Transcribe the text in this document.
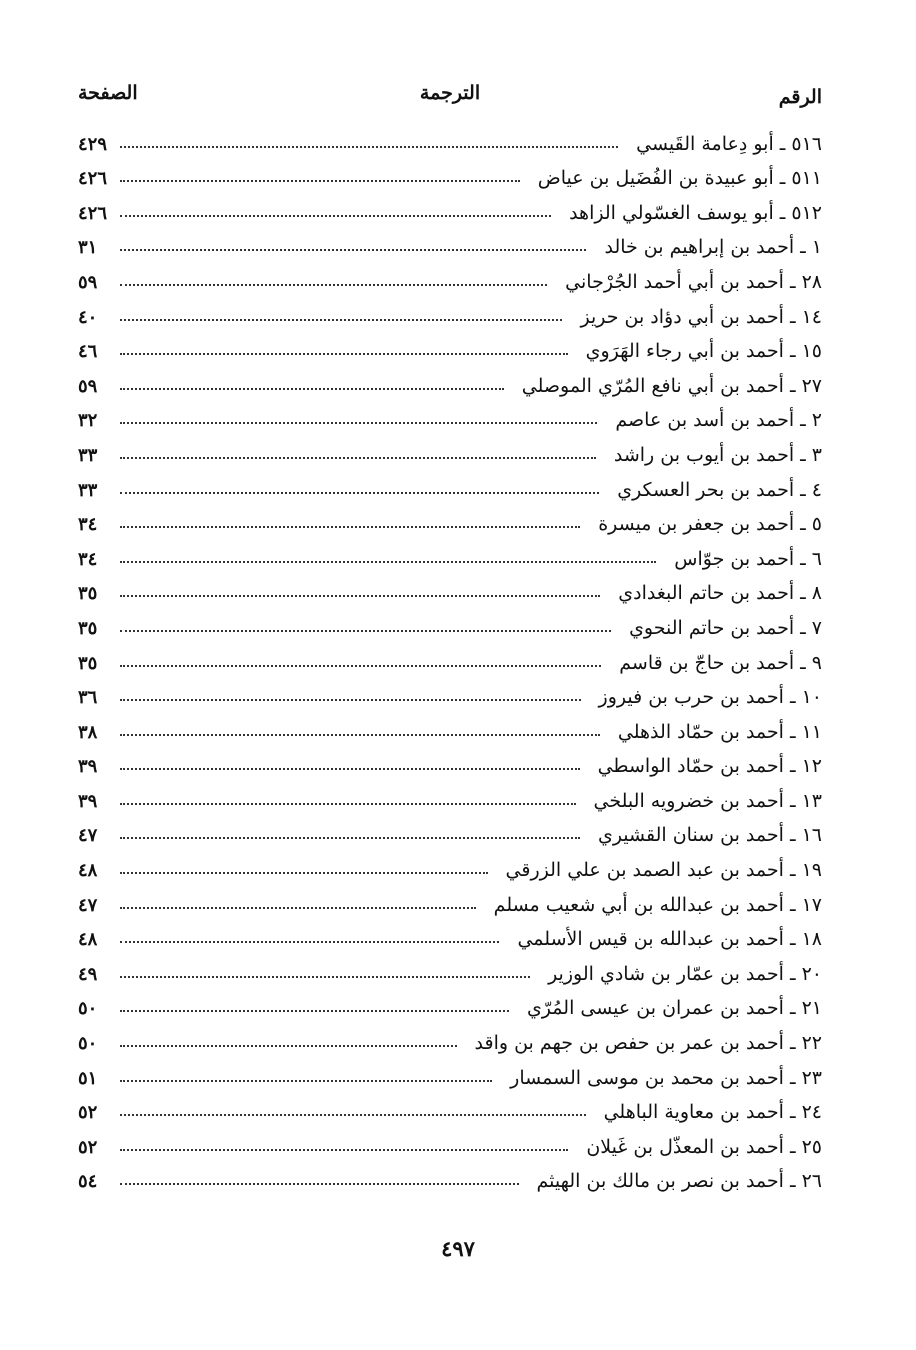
الرقم
الترجمة
الصفحة
٥١٦ ـ أبو دِعامة القَيسي
٤٢٩
٥١١ ـ أبو عبيدة بن الفُضَيل بن عياض
٤٢٦
٥١٢ ـ أبو يوسف الغسّولي الزاهد
٤٢٦
١ ـ أحمد بن إبراهيم بن خالد
٣١
٢٨ ـ أحمد بن أبي أحمد الجُرْجاني
٥٩
١٤ ـ أحمد بن أبي دؤاد بن حريز
٤٠
١٥ ـ أحمد بن أبي رجاء الهَرَوي
٤٦
٢٧ ـ أحمد بن أبي نافع المُرّي الموصلي
٥٩
٢ ـ أحمد بن أسد بن عاصم
٣٢
٣ ـ أحمد بن أيوب بن راشد
٣٣
٤ ـ أحمد بن بحر العسكري
٣٣
٥ ـ أحمد بن جعفر بن ميسرة
٣٤
٦ ـ أحمد بن جوّاس
٣٤
٨ ـ أحمد بن حاتم البغدادي
٣٥
٧ ـ أحمد بن حاتم النحوي
٣٥
٩ ـ أحمد بن حاجّ بن قاسم
٣٥
١٠ ـ أحمد بن حرب بن فيروز
٣٦
١١ ـ أحمد بن حمّاد الذهلي
٣٨
١٢ ـ أحمد بن حمّاد الواسطي
٣٩
١٣ ـ أحمد بن خضرويه البلخي
٣٩
١٦ ـ أحمد بن سنان القشيري
٤٧
١٩ ـ أحمد بن عبد الصمد بن علي الزرقي
٤٨
١٧ ـ أحمد بن عبدالله بن أبي شعيب مسلم
٤٧
١٨ ـ أحمد بن عبدالله بن قيس الأسلمي
٤٨
٢٠ ـ أحمد بن عمّار بن شادي الوزير
٤٩
٢١ ـ أحمد بن عمران بن عيسى المُرّي
٥٠
٢٢ ـ أحمد بن عمر بن حفص بن جهم بن واقد
٥٠
٢٣ ـ أحمد بن محمد بن موسى السمسار
٥١
٢٤ ـ أحمد بن معاوية الباهلي
٥٢
٢٥ ـ أحمد بن المعذّل بن غَيلان
٥٢
٢٦ ـ أحمد بن نصر بن مالك بن الهيثم
٥٤
٤٩٧
